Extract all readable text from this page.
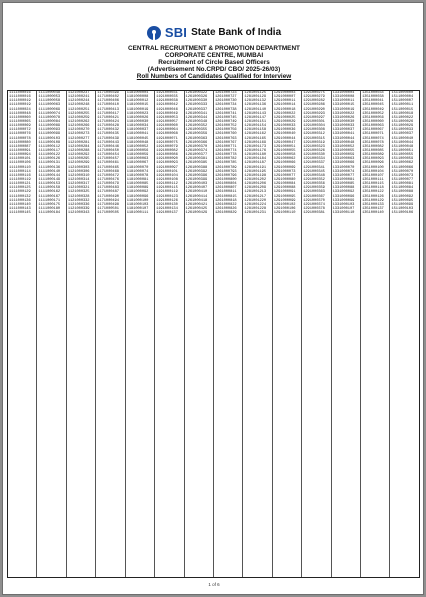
SBI State Bank of India
CENTRAL RECRUITMENT & PROMOTION DEPARTMENT
CORPORATE CENTRE, MUMBAI
Recruitment of Circle Based Officers
(Advertisement No.CRPD/ CBO/ 2025-26/03)
Roll Numbers of Candidates Qualified for Interview
1111000016
1111000016
1111000019
1111000019
1111000024
1111000048
1111000060
1111000065
1111000069
1111000072
1111000076
1111000078
1111000080
1111000087
1111000091
1111000094
1111000101
1111000106
1111000110
1111000114
1111000116
1111000119
1111000121
1111000125
1111000129
1111000132
1111000136
1111000140
1111000143
1111000145
1111000048
1111000053
1111000058
1111000063
1111000069
1111000074
1111000078
1111000084
1111000089
1111000093
1111000099
1111000103
1111000108
1111000112
1111000117
1111000122
1111000126
1111000131
1111000136
1111000140
1111000144
1111000149
1111000153
1111000158
1111000162
1111000167
1111000171
1111000175
1111000180
1111000184
1121000237
1121000241
1121000244
1121000248
1121000251
1121000255
1121000259
1121000262
1121000266
1121000270
1121000273
1121000277
1121000281
1121000284
1121000288
1121000292
1121000295
1121000299
1121000303
1121000306
1121000310
1121000314
1121000317
1121000321
1121000325
1121000328
1121000332
1121000336
1121000339
1121000343
1171000399
1171000402
1171000406
1171000410
1171000413
1171000417
1171000421
1171000424
1171000428
1171000432
1171000435
1171000439
1171000443
1171000446
1171000450
1171000454
1171000457
1171000461
1171000465
1171000468
1171000472
1171000476
1171000479
1171000483
1171000487
1171000490
1171000494
1171000498
1171000501
1171000505
1181000004
1181000008
1181000012
1181000015
1181000019
1181000023
1181000026
1181000030
1181000034
1181000037
1181000041
1181000045
1181000048
1181000052
1181000056
1181000059
1181000063
1181000067
1181000070
1181000074
1181000078
1181000081
1181000085
1181000089
1181000092
1181000096
1181000100
1181000103
1181000107
1181000111
1191000031
1191000035
1191000038
1191000042
1191000046
1191000049
1191000053
1191000057
1191000060
1191000064
1191000068
1191000071
1191000075
1191000079
1191000082
1191000086
1191000090
1191000093
1191000097
1191000101
1191000104
1191000108
1191000112
1191000115
1191000119
1191000123
1191000126
1191000130
1191000134
1191000137
1261000322
1261000326
1261000330
1261000333
1261000337
1261000341
1261000344
1261000348
1261000352
1261000355
1261000359
1261000363
1261000366
1261000370
1261000374
1261000377
1261000381
1261000385
1261000388
1261000392
1261000396
1261000399
1261000403
1261000407
1261000410
1261000414
1261000418
1261000421
1261000425
1261000429
1261000723
1261000727
1261000730
1261000734
1261000738
1261000741
1261000745
1261000749
1261000752
1261000756
1261000760
1261000763
1261000767
1261000771
1261000774
1261000778
1261000782
1261000785
1261000789
1261000793
1261000796
1261000800
1261000804
1261000807
1261000811
1261000815
1261000818
1261000822
1261000826
1261000829
1281001125
1281001129
1281001132
1281001136
1281001140
1281001143
1281001147
1281001151
1281001154
1281001158
1281001162
1281001165
1281001169
1281001173
1281001176
1281001180
1281001184
1281001187
1281001191
1281001195
1281001198
1281001202
1281001206
1281001209
1281001213
1281001217
1281001220
1281001224
1281001228
1281001231
1291000003
1291000007
1291000011
1291000014
1291000018
1291000022
1291000025
1291000029
1291000033
1291000036
1291000040
1291000044
1291000047
1291000051
1291000055
1291000058
1291000062
1291000066
1291000069
1291000073
1291000077
1291000080
1291000084
1291000088
1291000091
1291000095
1291000099
1291000102
1291000106
1291000110
1291000275
1291000279
1291000282
1291000286
1291000290
1291000293
1291000297
1291000301
1291000304
1291000308
1291000312
1291000315
1291000319
1291000323
1291000326
1291000330
1291000334
1291000337
1291000341
1291000345
1291000348
1291000352
1291000356
1291000359
1291000363
1291000367
1291000370
1291000374
1291000378
1291000381
1331000004
1331000008
1331000011
1331000015
1331000019
1331000022
1331000026
1331000030
1331000033
1331000037
1331000041
1331000044
1331000048
1331000052
1331000055
1331000059
1331000063
1331000066
1331000070
1331000074
1331000077
1331000081
1331000085
1331000088
1331000092
1331000096
1331000099
1331000103
1331000107
1331000110
1351000034
1351000038
1351000041
1351000045
1351000049
1351000052
1351000056
1351000060
1351000063
1351000067
1351000071
1351000074
1351000078
1351000082
1351000085
1351000089
1351000093
1351000096
1351000100
1351000104
1351000107
1351000111
1351000115
1351000118
1351000122
1351000126
1351000129
1351000133
1351000137
1351000140
1511000000
1511000004
1511000007
1511000011
1511000015
1511000018
1511000022
1511000026
1511000029
1511000033
1511000037
1511000040
1511000044
1511000048
1511000051
1511000055
1511000059
1511000062
1511000066
1511000070
1511000073
1511000077
1511000081
1511000084
1511000088
1511000092
1511000095
1511000099
1511000103
1511000106
1 of 6
